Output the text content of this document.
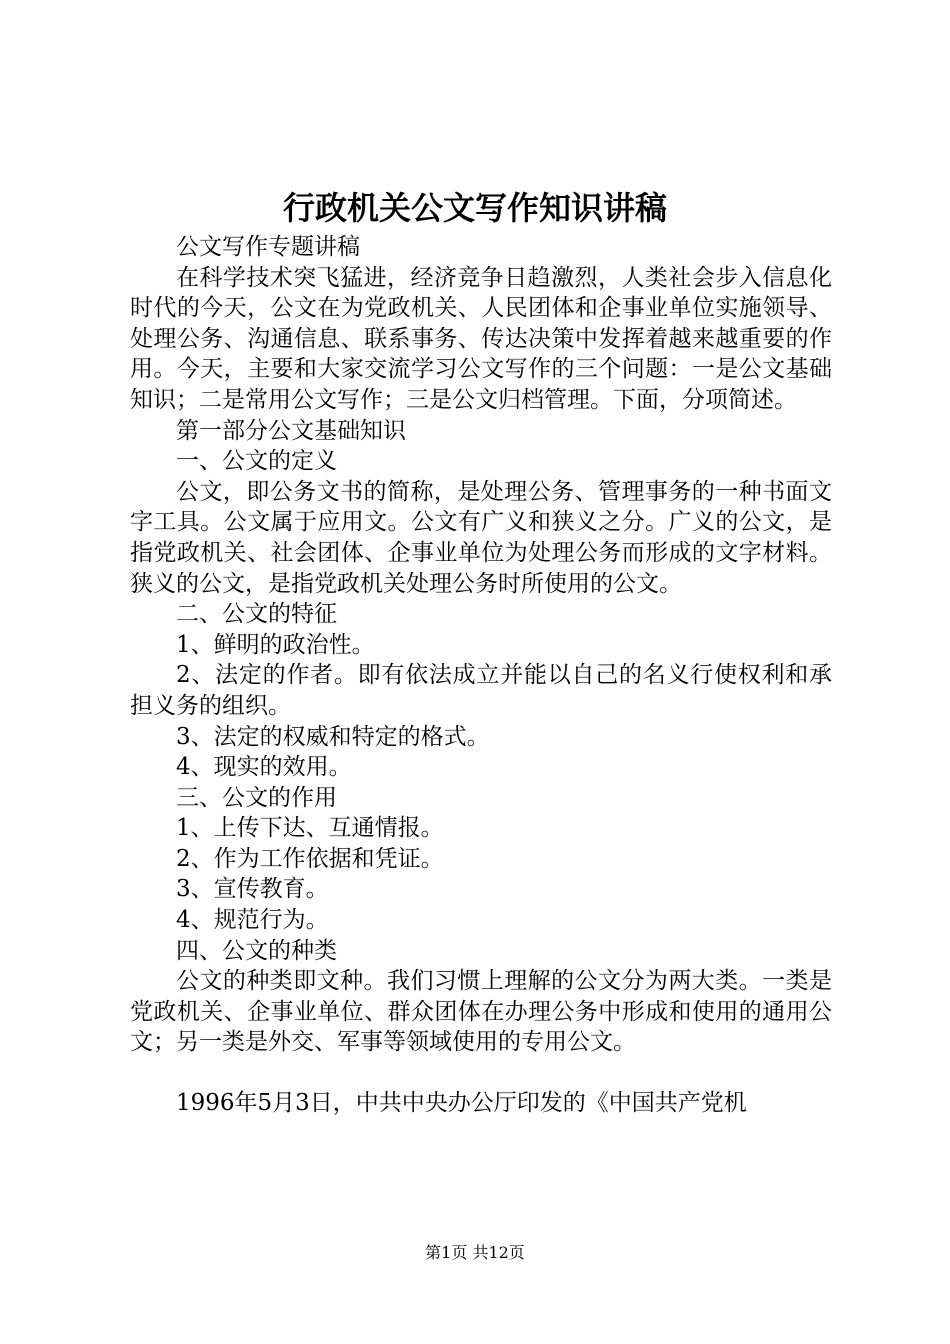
行政机关公文写作知识讲稿

公文写作专题讲稿

在科学技术突飞猛进，经济竞争日趋激烈，人类社会步入信息化时代的今天，公文在为党政机关、人民团体和企事业单位实施领导、处理公务、沟通信息、联系事务、传达决策中发挥着越来越重要的作用。今天，主要和大家交流学习公文写作的三个问题：一是公文基础知识；二是常用公文写作；三是公文归档管理。下面，分项简述。

第一部分公文基础知识

一、公文的定义

公文，即公务文书的简称，是处理公务、管理事务的一种书面文字工具。公文属于应用文。公文有广义和狭义之分。广义的公文，是指党政机关、社会团体、企事业单位为处理公务而形成的文字材料。狭义的公文，是指党政机关处理公务时所使用的公文。

二、公文的特征

1、鲜明的政治性。

2、法定的作者。即有依法成立并能以自己的名义行使权利和承担义务的组织。

3、法定的权威和特定的格式。

4、现实的效用。

三、公文的作用

1、上传下达、互通情报。

2、作为工作依据和凭证。

3、宣传教育。

4、规范行为。

四、公文的种类

公文的种类即文种。我们习惯上理解的公文分为两大类。一类是党政机关、企事业单位、群众团体在办理公务中形成和使用的通用公文；另一类是外交、军事等领域使用的专用公文。

1996年5月3日，中共中央办公厅印发的《中国共产党机

第1页 共12页
